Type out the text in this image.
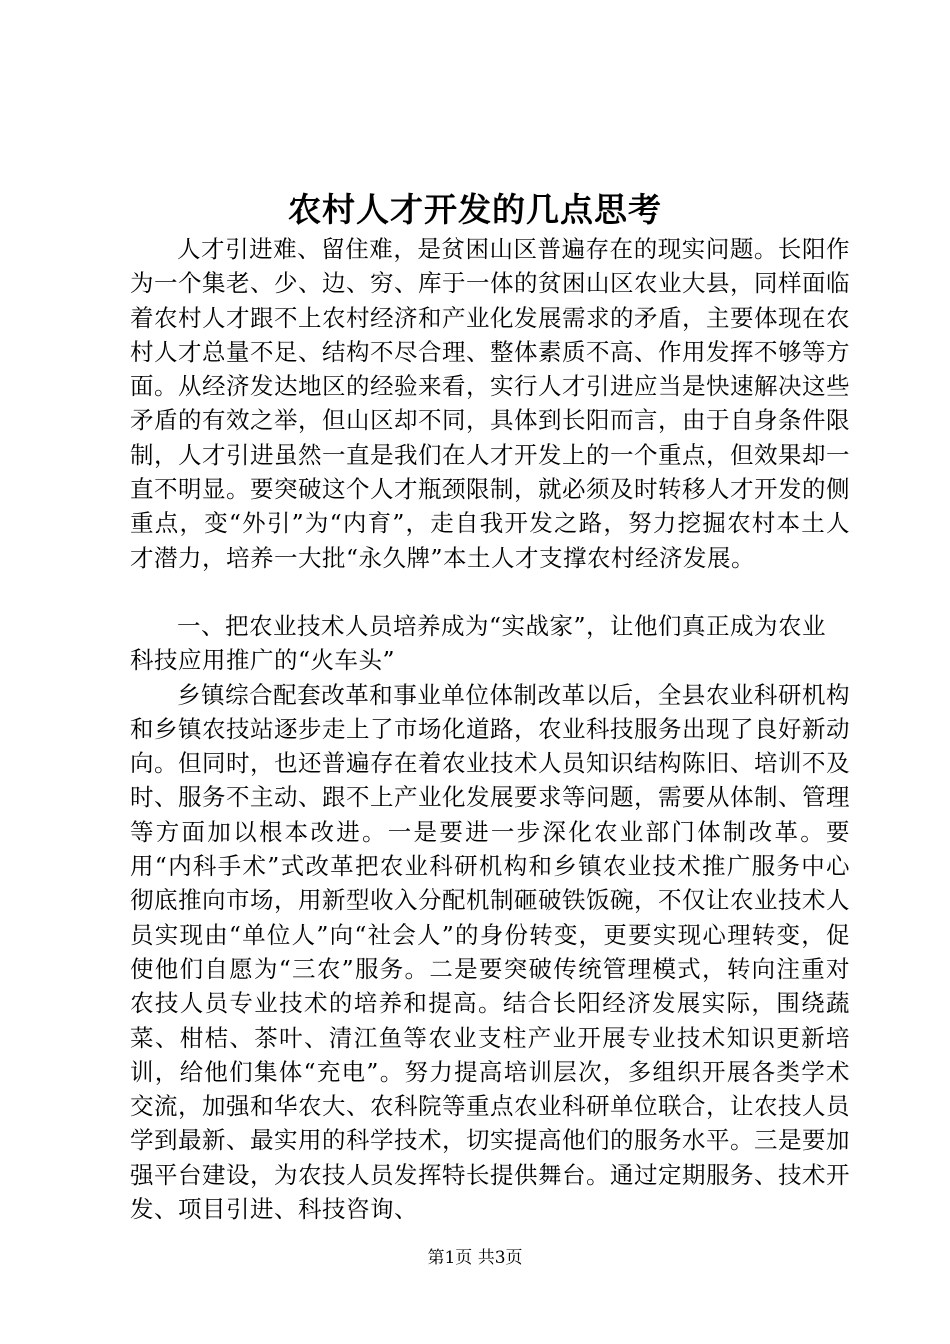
农村人才开发的几点思考

人才引进难、留住难，是贫困山区普遍存在的现实问题。长阳作为一个集老、少、边、穷、库于一体的贫困山区农业大县，同样面临着农村人才跟不上农村经济和产业化发展需求的矛盾，主要体现在农村人才总量不足、结构不尽合理、整体素质不高、作用发挥不够等方面。从经济发达地区的经验来看，实行人才引进应当是快速解决这些矛盾的有效之举，但山区却不同，具体到长阳而言，由于自身条件限制，人才引进虽然一直是我们在人才开发上的一个重点，但效果却一直不明显。要突破这个人才瓶颈限制，就必须及时转移人才开发的侧重点，变“外引”为“内育”，走自我开发之路，努力挖掘农村本土人才潜力，培养一大批“永久牌”本土人才支撑农村经济发展。

一、把农业技术人员培养成为“实战家”，让他们真正成为农业科技应用推广的“火车头”

乡镇综合配套改革和事业单位体制改革以后，全县农业科研机构和乡镇农技站逐步走上了市场化道路，农业科技服务出现了良好新动向。但同时，也还普遍存在着农业技术人员知识结构陈旧、培训不及时、服务不主动、跟不上产业化发展要求等问题，需要从体制、管理等方面加以根本改进。一是要进一步深化农业部门体制改革。要用“内科手术”式改革把农业科研机构和乡镇农业技术推广服务中心彻底推向市场，用新型收入分配机制砸破铁饭碗，不仅让农业技术人员实现由“单位人”向“社会人”的身份转变，更要实现心理转变，促使他们自愿为“三农”服务。二是要突破传统管理模式，转向注重对农技人员专业技术的培养和提高。结合长阳经济发展实际，围绕蔬菜、柑桔、茶叶、清江鱼等农业支柱产业开展专业技术知识更新培训，给他们集体“充电”。努力提高培训层次，多组织开展各类学术交流，加强和华农大、农科院等重点农业科研单位联合，让农技人员学到最新、最实用的科学技术，切实提高他们的服务水平。三是要加强平台建设，为农技人员发挥特长提供舞台。通过定期服务、技术开发、项目引进、科技咨询、

第1页 共3页
